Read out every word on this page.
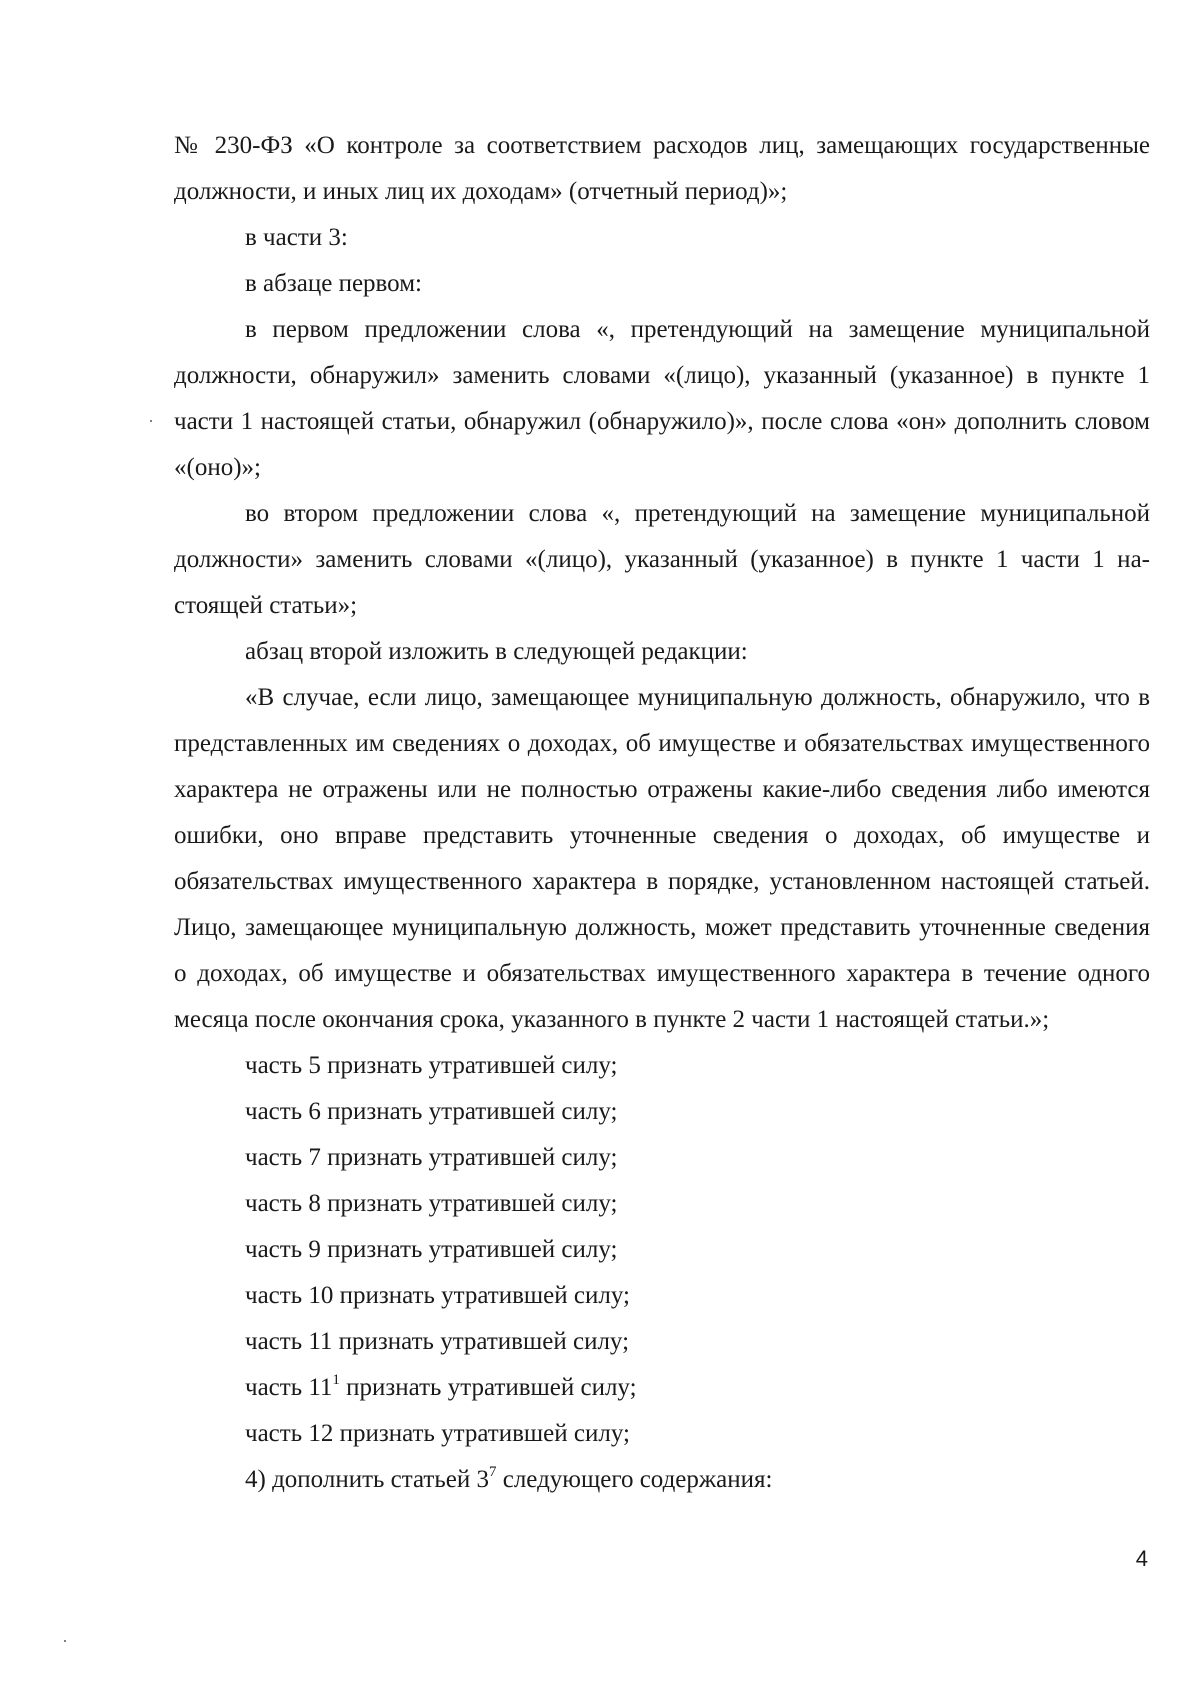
№ 230-ФЗ «О контроле за соответствием расходов лиц, замещающих государственные должности, и иных лиц их доходам» (отчетный период)»;

в части 3:

в абзаце первом:

в первом предложении слова «, претендующий на замещение муниципальной должности, обнаружил» заменить словами «(лицо), указанный (указанное) в пункте 1 части 1 настоящей статьи, обнаружил (обнаружило)», после слова «он» дополнить словом «(оно)»;

во втором предложении слова «, претендующий на замещение муниципальной должности» заменить словами «(лицо), указанный (указанное) в пункте 1 части 1 настоящей статьи»;

абзац второй изложить в следующей редакции:

«В случае, если лицо, замещающее муниципальную должность, обнаружило, что в представленных им сведениях о доходах, об имуществе и обязательствах имущественного характера не отражены или не полностью отражены какие-либо сведения либо имеются ошибки, оно вправе представить уточненные сведения о доходах, об имуществе и обязательствах имущественного характера в порядке, установленном настоящей статьей. Лицо, замещающее муниципальную должность, может представить уточненные сведения о доходах, об имуществе и обязательствах имущественного характера в течение одного месяца после окончания срока, указанного в пункте 2 части 1 настоящей статьи.»;

часть 5 признать утратившей силу;

часть 6 признать утратившей силу;

часть 7 признать утратившей силу;

часть 8 признать утратившей силу;

часть 9 признать утратившей силу;

часть 10 признать утратившей силу;

часть 11 признать утратившей силу;

часть $11^1$ признать утратившей силу;

часть 12 признать утратившей силу;

4) дополнить статьей $3^7$ следующего содержания:

4
